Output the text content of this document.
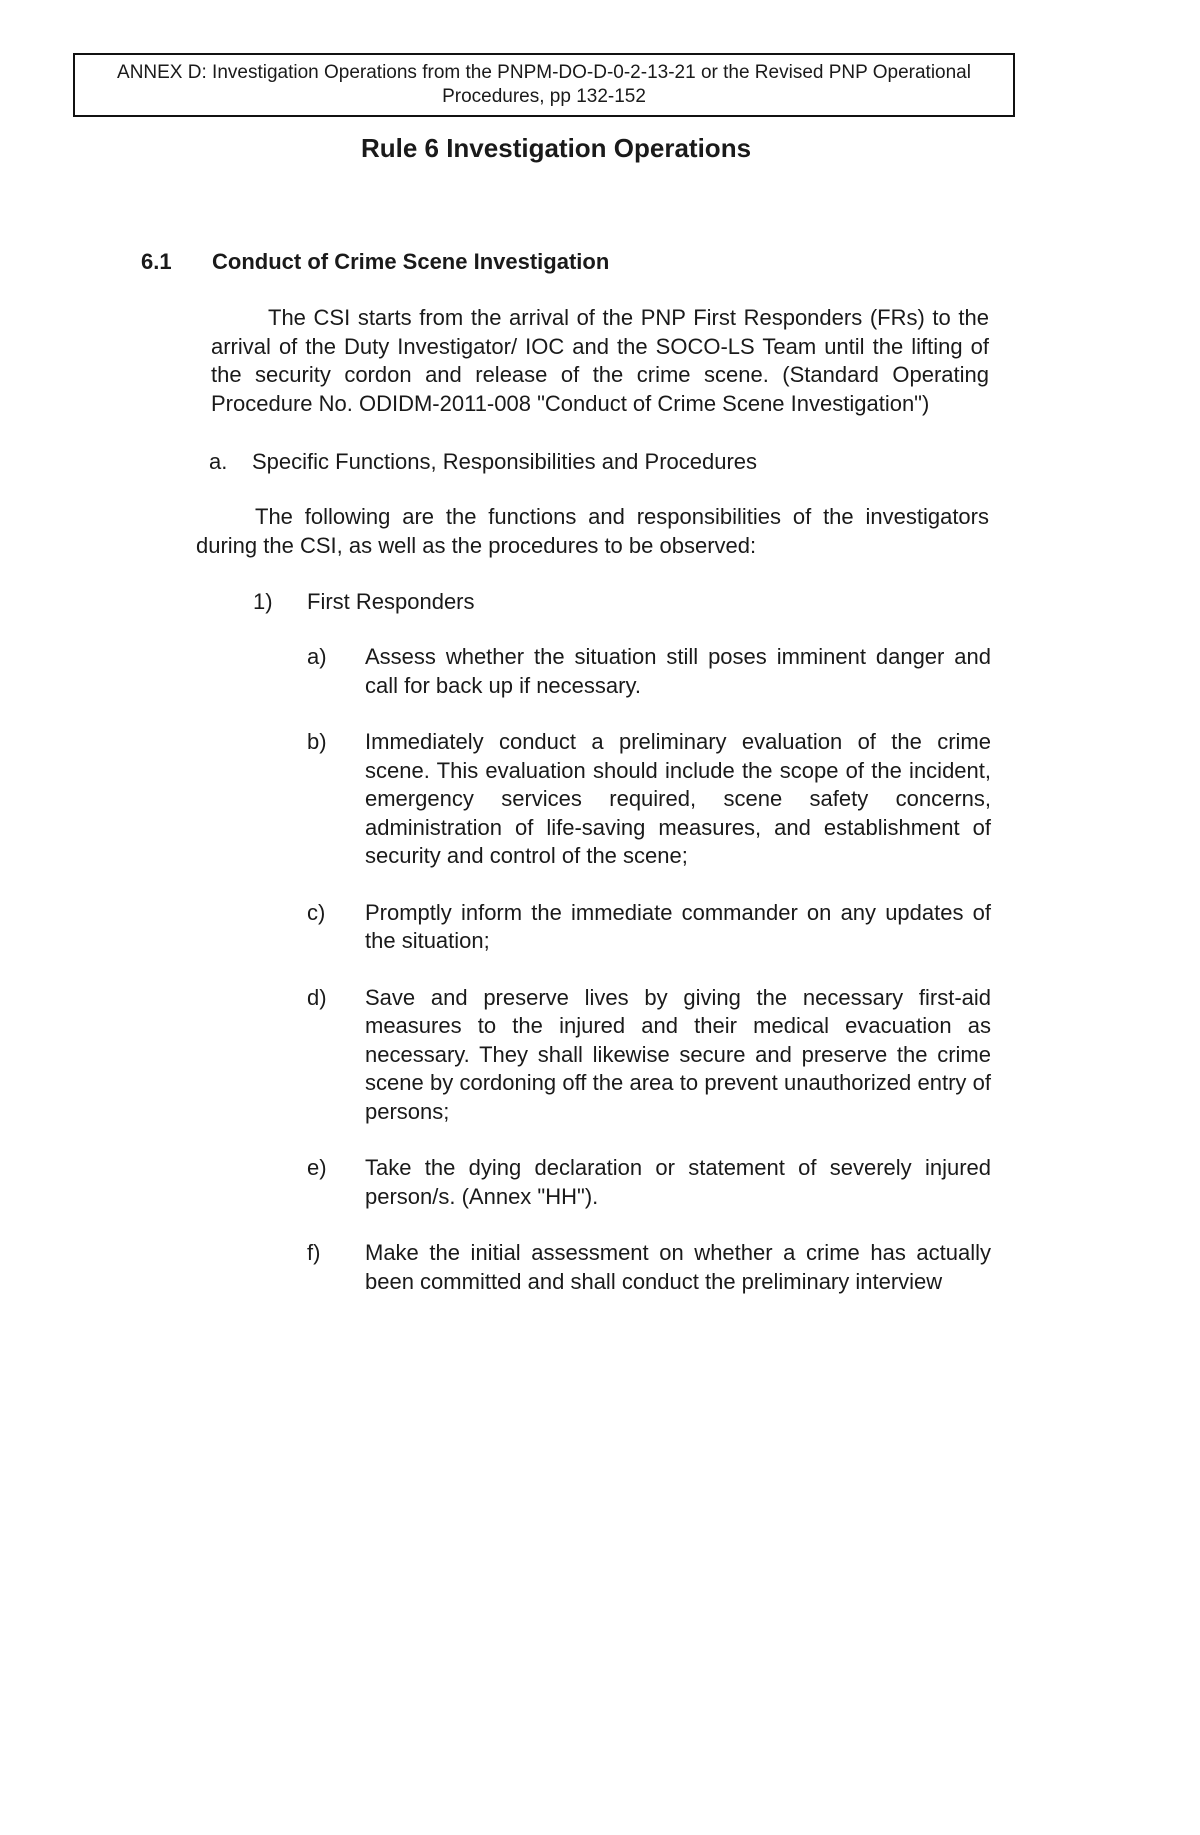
ANNEX D: Investigation Operations from the PNPM-DO-D-0-2-13-21 or the Revised PNP Operational
Procedures, pp 132-152
Rule 6 Investigation Operations
6.1 Conduct of Crime Scene Investigation

The CSI starts from the arrival of the PNP First Responders (FRs) to the arrival of the Duty Investigator/ IOC and the SOCO-LS Team until the lifting of the security cordon and release of the crime scene. (Standard Operating Procedure No. ODIDM-2011-008 "Conduct of Crime Scene Investigation")

a. Specific Functions, Responsibilities and Procedures

The following are the functions and responsibilities of the investigators during the CSI, as well as the procedures to be observed:

1) First Responders
a) Assess whether the situation still poses imminent danger and call for back up if necessary.

b) Immediately conduct a preliminary evaluation of the crime scene. This evaluation should include the scope of the incident, emergency services required, scene safety concerns, administration of life-saving measures, and establishment of security and control of the scene;

c) Promptly inform the immediate commander on any updates of the situation;

d) Save and preserve lives by giving the necessary first-aid measures to the injured and their medical evacuation as necessary. They shall likewise secure and preserve the crime scene by cordoning off the area to prevent unauthorized entry of persons;

e) Take the dying declaration or statement of severely injured person/s. (Annex "HH").

f) Make the initial assessment on whether a crime has actually been committed and shall conduct the preliminary interview
